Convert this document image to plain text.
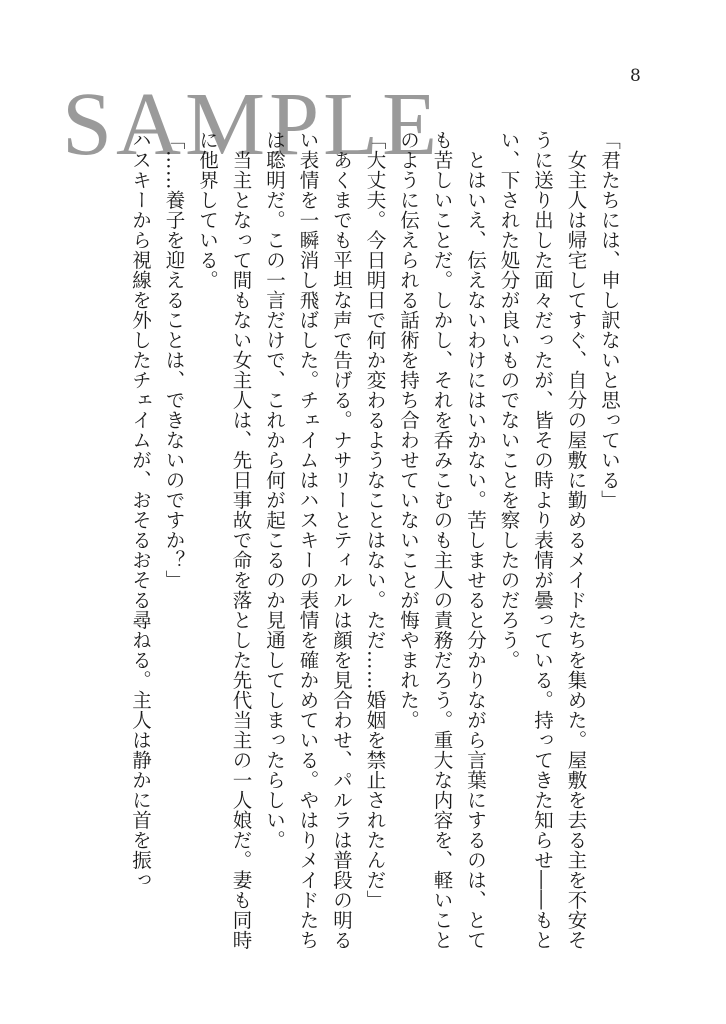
SAMPLE	8

「君たちには、申し訳ないと思っている」

女主人は帰宅してすぐ、自分の屋敷に勤めるメイドたちを集めた。屋敷を去る主を不安そうに送り出した面々だったが、皆その時より表情が曇っている。持ってきた知らせ――もとい、下された処分が良いものでないことを察したのだろう。

とはいえ、伝えないわけにはいかない。苦しませると分かりながら言葉にするのは、とても苦しいことだ。しかし、それを呑みこむのも主人の責務だろう。重大な内容を、軽いことのように伝えられる話術を持ち合わせていないことが悔やまれた。

「大丈夫。今日明日で何か変わるようなことはない。ただ……婚姻を禁止されたんだ」

あくまでも平坦な声で告げる。ナサリーとティルルは顔を見合わせ、パルラは普段の明るい表情を一瞬消し飛ばした。チェイムはハスキーの表情を確かめている。やはりメイドたちは聡明だ。この一言だけで、これから何が起こるのか見通してしまったらしい。

当主となって間もない女主人は、先日事故で命を落とした先代当主の一人娘だ。妻も同時に他界している。

「……養子を迎えることは、できないのですか？」

ハスキーから視線を外したチェイムが、おそるおそる尋ねる。主人は静かに首を振っ
